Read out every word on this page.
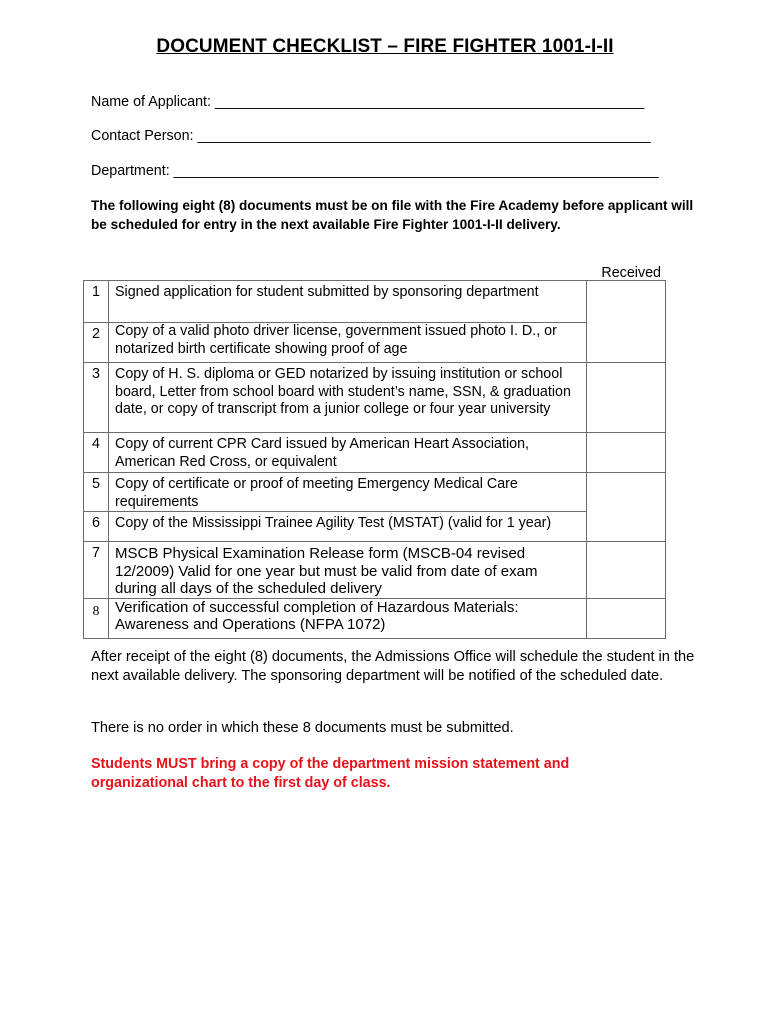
DOCUMENT CHECKLIST – FIRE FIGHTER 1001-I-II
Name of Applicant: ______________________________________________________
Contact Person: _________________________________________________________
Department: _____________________________________________________________
The following eight (8) documents must be on file with the Fire Academy before applicant will be scheduled for entry in the next available Fire Fighter 1001-I-II delivery.
Received
1	Signed application for student submitted by sponsoring department	
2	Copy of a valid photo driver license, government issued photo I. D., or notarized birth certificate showing proof of age	
3	Copy of H. S. diploma or GED notarized by issuing institution or school board, Letter from school board with student’s name, SSN, & graduation date, or copy of transcript from a junior college or four year university	
4	Copy of current CPR Card issued by American Heart Association, American Red Cross, or equivalent	
5	Copy of certificate or proof of meeting Emergency Medical Care requirements	
6	Copy of the Mississippi Trainee Agility Test (MSTAT) (valid for 1 year)	
7	MSCB Physical Examination Release form (MSCB-04 revised 12/2009) Valid for one year but must be valid from date of exam during all days of the scheduled delivery	
8	Verification of successful completion of Hazardous Materials: Awareness and Operations (NFPA 1072)	
After receipt of the eight (8) documents, the Admissions Office will schedule the student in the next available delivery. The sponsoring department will be notified of the scheduled date.
There is no order in which these 8 documents must be submitted.
Students MUST bring a copy of the department mission statement and organizational chart to the first day of class.
